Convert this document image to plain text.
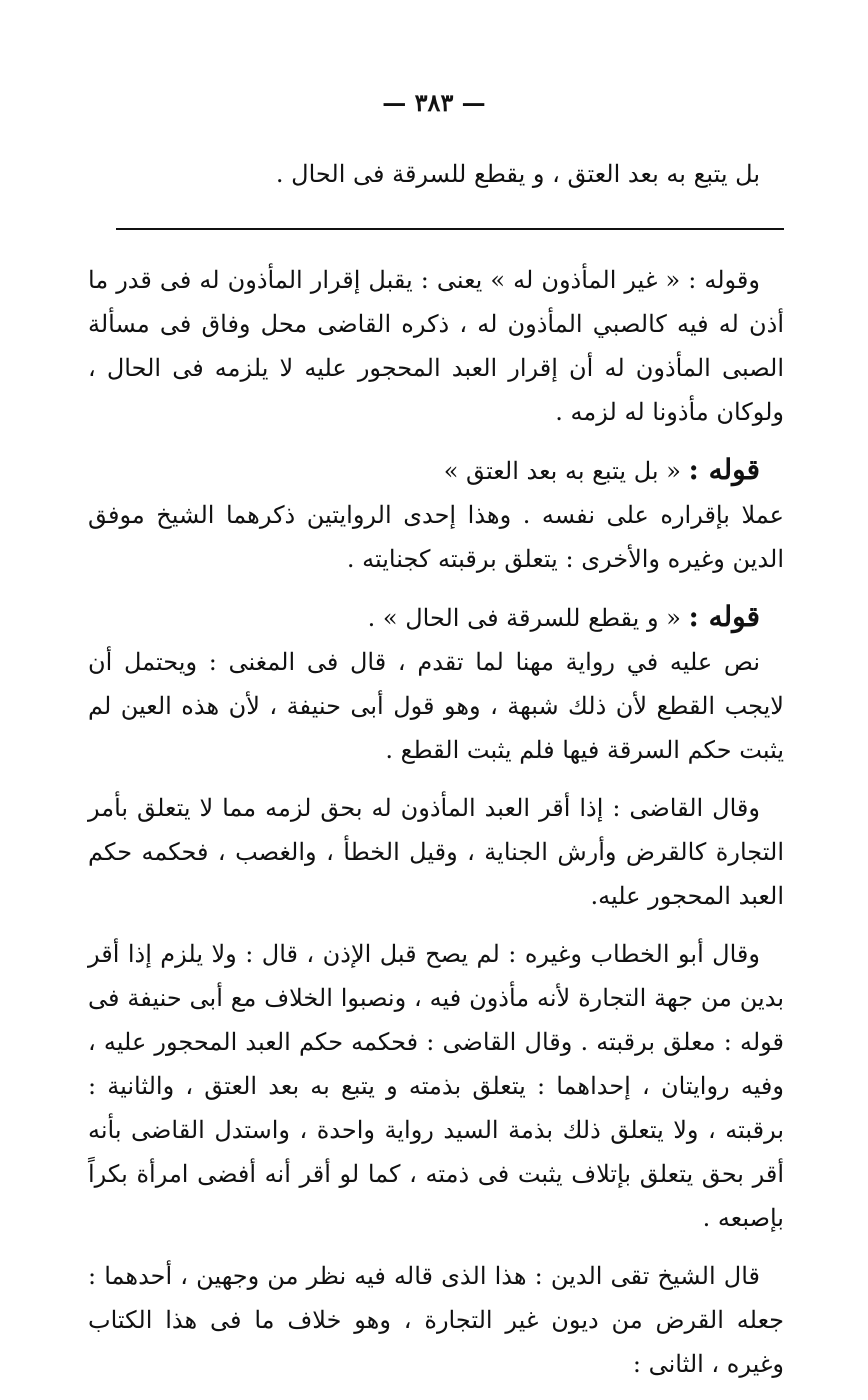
— ٣٨٣ —

بل يتبع به بعد العتق ، و يقطع للسرقة فى الحال .

وقوله : « غير المأذون له » يعنى : يقبل إقرار المأذون له فى قدر ما أذن له فيه كالصبي المأذون له ، ذكره القاضى محل وفاق فى مسألة الصبى المأذون له أن إقرار العبد المحجور عليه لا يلزمه فى الحال ، ولوكان مأذونا له لزمه .

قوله : « بل يتبع به بعد العتق »

عملا بإقراره على نفسه . وهذا إحدى الروايتين ذكرهما الشيخ موفق الدين وغيره والأخرى : يتعلق برقبته كجنايته .

قوله : « و يقطع للسرقة فى الحال » .

نص عليه في رواية مهنا لما تقدم ، قال فى المغنى : ويحتمل أن لايجب القطع لأن ذلك شبهة ، وهو قول أبى حنيفة ، لأن هذه العين لم يثبت حكم السرقة فيها فلم يثبت القطع .

وقال القاضى : إذا أقر العبد المأذون له بحق لزمه مما لا يتعلق بأمر التجارة كالقرض وأرش الجناية ، وقيل الخطأ ، والغصب ، فحكمه حكم العبد المحجور عليه.

وقال أبو الخطاب وغيره : لم يصح قبل الإذن ، قال : ولا يلزم إذا أقر بدين من جهة التجارة لأنه مأذون فيه ، ونصبوا الخلاف مع أبى حنيفة فى قوله : معلق برقبته . وقال القاضى : فحكمه حكم العبد المحجور عليه ، وفيه روايتان ، إحداهما : يتعلق بذمته و يتبع به بعد العتق ، والثانية : برقبته ، ولا يتعلق ذلك بذمة السيد رواية واحدة ، واستدل القاضى بأنه أقر بحق يتعلق بإتلاف يثبت فى ذمته ، كما لو أقر أنه أفضى امرأة بكراً بإصبعه .

قال الشيخ تقى الدين : هذا الذى قاله فيه نظر من وجهين ، أحدهما : جعله القرض من ديون غير التجارة ، وهو خلاف ما فى هذا الكتاب وغيره ، الثانى :
